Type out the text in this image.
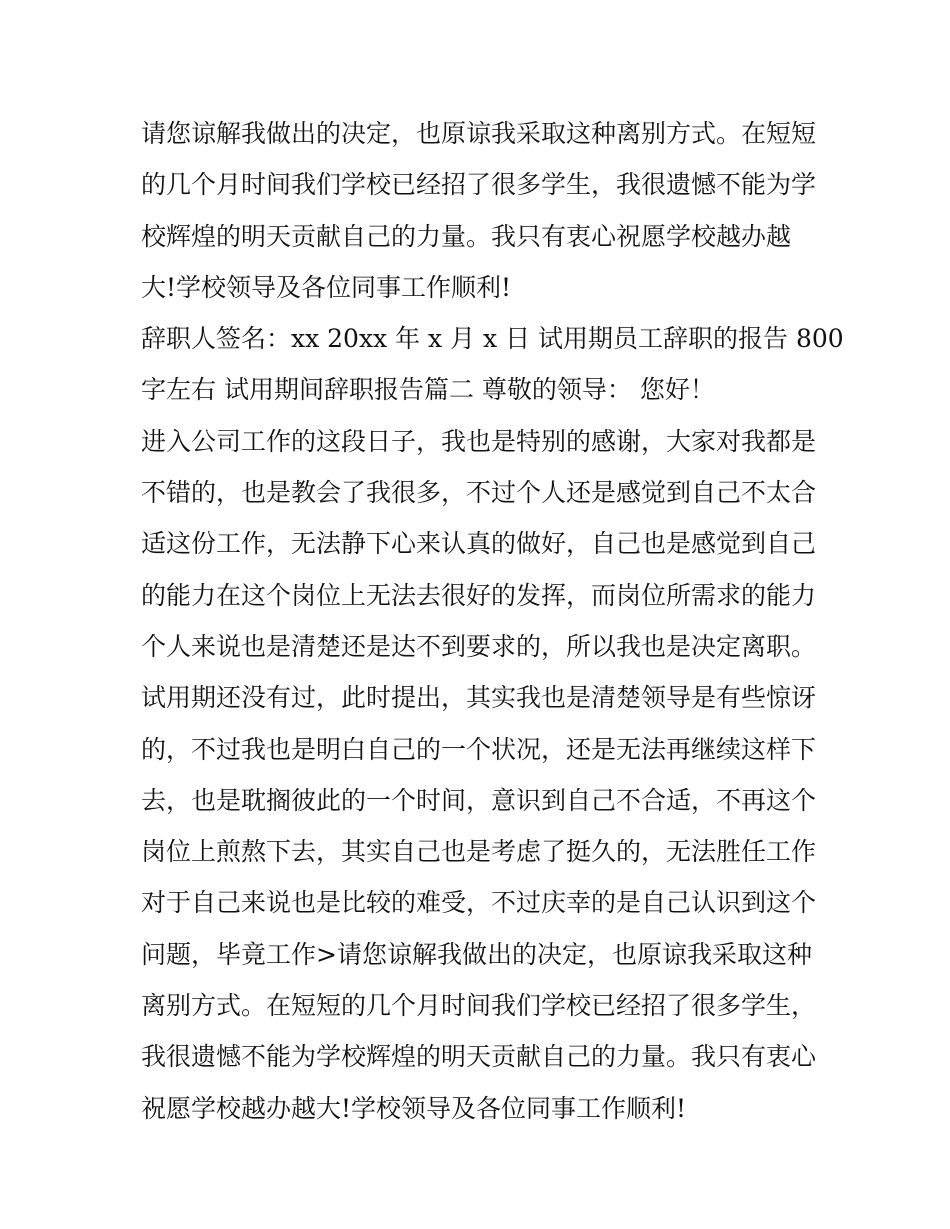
请您谅解我做出的决定，也原谅我采取这种离别方式。在短短
的几个月时间我们学校已经招了很多学生，我很遗憾不能为学
校辉煌的明天贡献自己的力量。我只有衷心祝愿学校越办越
大!学校领导及各位同事工作顺利!
辞职人签名：xx 20xx 年 x 月 x 日 试用期员工辞职的报告 800
字左右 试用期间辞职报告篇二 尊敬的领导： 您好！
进入公司工作的这段日子，我也是特别的感谢，大家对我都是
不错的，也是教会了我很多，不过个人还是感觉到自己不太合
适这份工作，无法静下心来认真的做好，自己也是感觉到自己
的能力在这个岗位上无法去很好的发挥，而岗位所需求的能力
个人来说也是清楚还是达不到要求的，所以我也是决定离职。
试用期还没有过，此时提出，其实我也是清楚领导是有些惊讶
的，不过我也是明白自己的一个状况，还是无法再继续这样下
去，也是耽搁彼此的一个时间，意识到自己不合适，不再这个
岗位上煎熬下去，其实自己也是考虑了挺久的，无法胜任工作
对于自己来说也是比较的难受，不过庆幸的是自己认识到这个
问题，毕竟工作>请您谅解我做出的决定，也原谅我采取这种
离别方式。在短短的几个月时间我们学校已经招了很多学生，
我很遗憾不能为学校辉煌的明天贡献自己的力量。我只有衷心
祝愿学校越办越大!学校领导及各位同事工作顺利!
